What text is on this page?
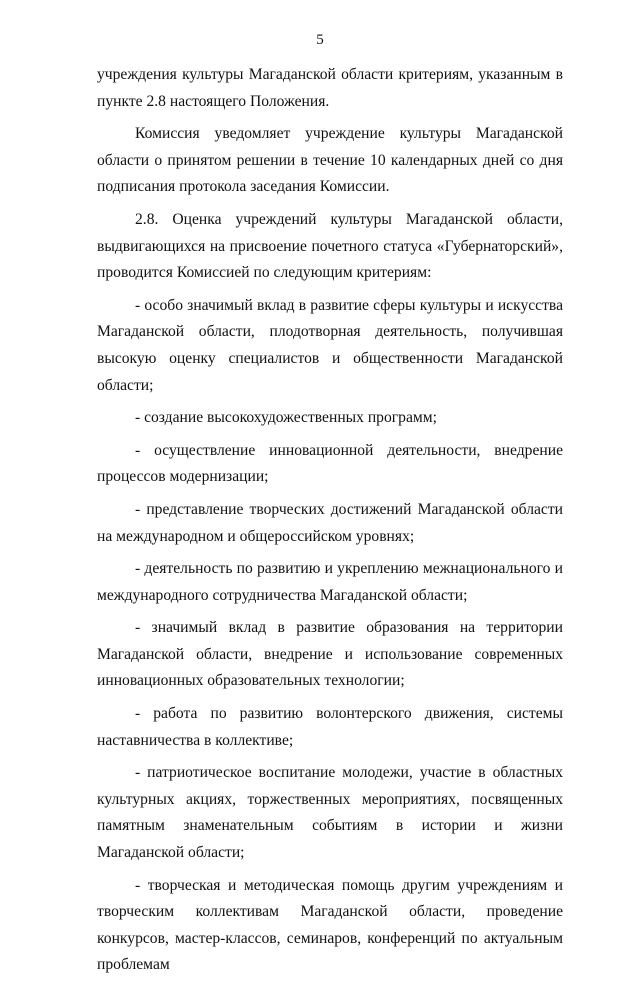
5

учреждения культуры Магаданской области критериям, указанным в пункте 2.8 настоящего Положения.

Комиссия уведомляет учреждение культуры Магаданской области о принятом решении в течение 10 календарных дней со дня подписания протокола заседания Комиссии.

2.8. Оценка учреждений культуры Магаданской области, выдвигающихся на присвоение почетного статуса «Губернаторский», проводится Комиссией по следующим критериям:

- особо значимый вклад в развитие сферы культуры и искусства Магаданской области, плодотворная деятельность, получившая высокую оценку специалистов и общественности Магаданской области;

- создание высокохудожественных программ;

- осуществление инновационной деятельности, внедрение процессов модернизации;

- представление творческих достижений Магаданской области на международном и общероссийском уровнях;

- деятельность по развитию и укреплению межнационального и международного сотрудничества Магаданской области;

- значимый вклад в развитие образования на территории Магаданской области, внедрение и использование современных инновационных образовательных технологии;

- работа по развитию волонтерского движения, системы наставничества в коллективе;

- патриотическое воспитание молодежи, участие в областных культурных акциях, торжественных мероприятиях, посвященных памятным знаменательным событиям в истории и жизни Магаданской области;

- творческая и методическая помощь другим учреждениям и творческим коллективам Магаданской области, проведение конкурсов, мастер-классов, семинаров, конференций по актуальным проблемам
